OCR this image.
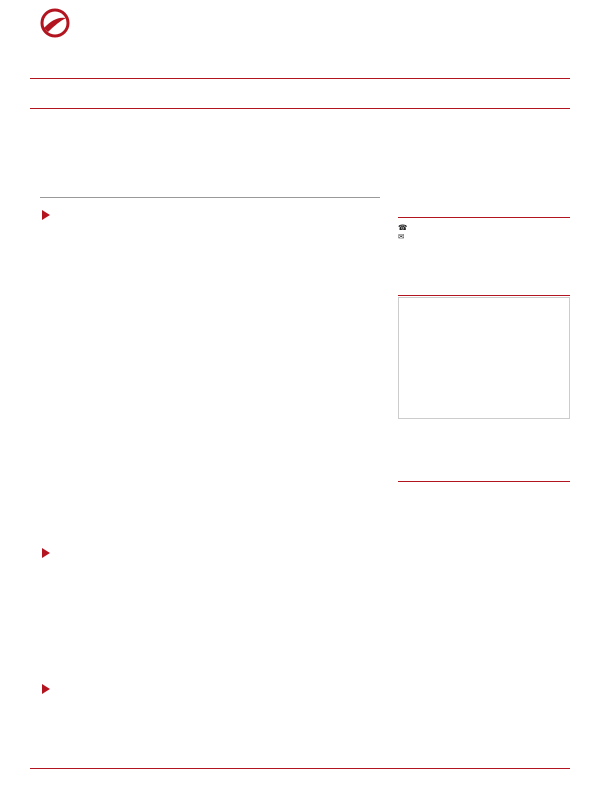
☎
✉
